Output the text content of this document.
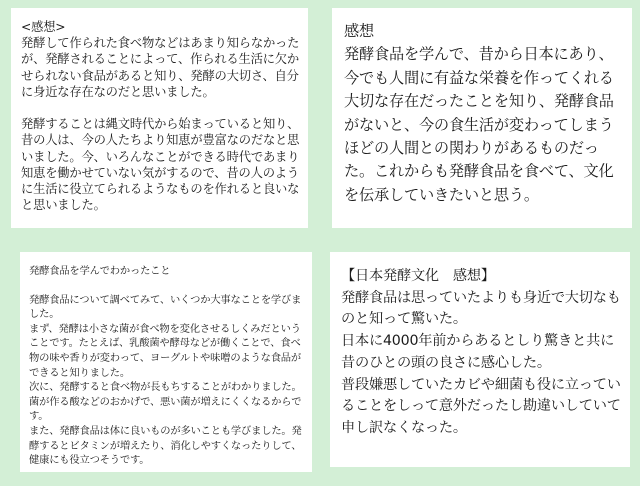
<感想>

発酵して作られた食べ物などはあまり知らなかったが、発酵されることによって、作られる生活に欠かせられない食品があると知り、発酵の大切さ、自分に身近な存在なのだと思いました。

発酵することは縄文時代から始まっていると知り、昔の人は、今の人たちより知恵が豊富なのだなと思いました。今、いろんなことができる時代であまり知恵を働かせていない気がするので、昔の人のように生活に役立てられるようなものを作れると良いなと思いました。

感想

発酵食品を学んで、昔から日本にあり、今でも人間に有益な栄養を作ってくれる大切な存在だったことを知り、発酵食品がないと、今の食生活が変わってしまうほどの人間との関わりがあるものだった。これからも発酵食品を食べて、文化を伝承していきたいと思う。

発酵食品を学んでわかったこと

発酵食品について調べてみて、いくつか大事なことを学びました。

まず、発酵は小さな菌が食べ物を変化させるしくみだということです。たとえば、乳酸菌や酵母などが働くことで、食べ物の味や香りが変わって、ヨーグルトや味噌のような食品ができると知りました。

次に、発酵すると食べ物が長もちすることがわかりました。菌が作る酸などのおかげで、悪い菌が増えにくくなるからです。

また、発酵食品は体に良いものが多いことも学びました。発酵するとビタミンが増えたり、消化しやすくなったりして、健康にも役立つそうです。

【日本発酵文化　感想】

発酵食品は思っていたよりも身近で大切なものと知って驚いた。

日本に4000年前からあるとしり驚きと共に昔のひとの頭の良さに感心した。

普段嫌悪していたカビや細菌も役に立っていることをしって意外だったし勘違いしていて申し訳なくなった。
